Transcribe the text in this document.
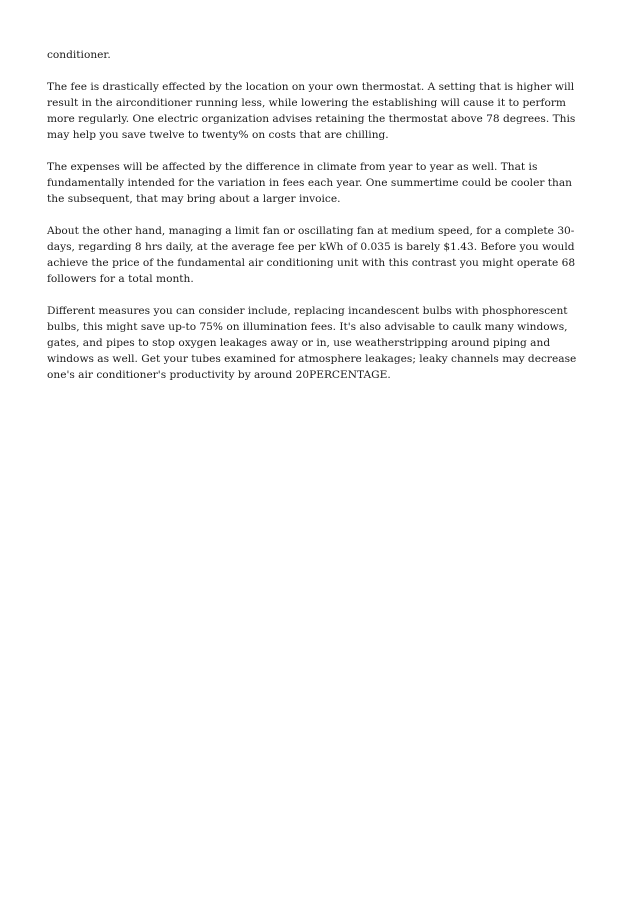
conditioner.

The fee is drastically effected by the location on your own thermostat. A setting that is higher will result in the airconditioner running less, while lowering the establishing will cause it to perform more regularly. One electric organization advises retaining the thermostat above 78 degrees. This may help you save twelve to twenty% on costs that are chilling.

The expenses will be affected by the difference in climate from year to year as well. That is fundamentally intended for the variation in fees each year. One summertime could be cooler than the subsequent, that may bring about a larger invoice.

About the other hand, managing a limit fan or oscillating fan at medium speed, for a complete 30-days, regarding 8 hrs daily, at the average fee per kWh of 0.035 is barely $1.43. Before you would achieve the price of the fundamental air conditioning unit with this contrast you might operate 68 followers for a total month.

Different measures you can consider include, replacing incandescent bulbs with phosphorescent bulbs, this might save up-to 75% on illumination fees. It's also advisable to caulk many windows, gates, and pipes to stop oxygen leakages away or in, use weatherstripping around piping and windows as well. Get your tubes examined for atmosphere leakages; leaky channels may decrease one's air conditioner's productivity by around 20PERCENTAGE.
